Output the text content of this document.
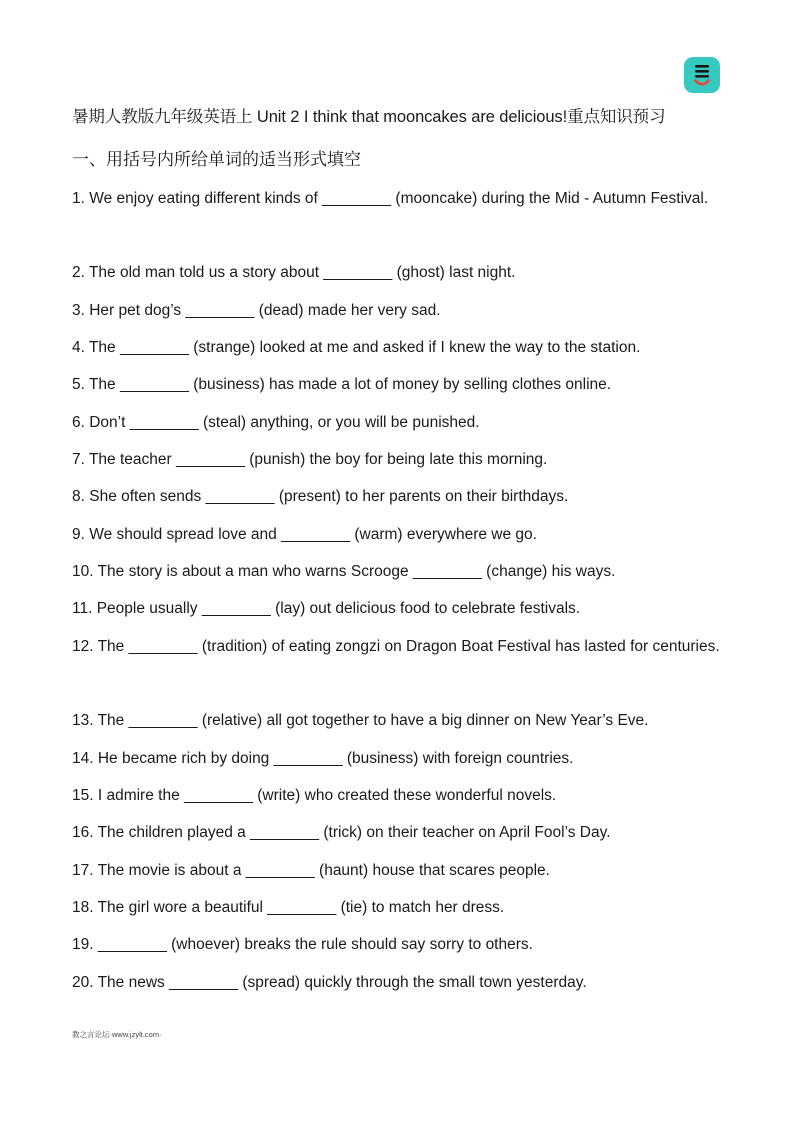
暑期人教版九年级英语上 Unit 2 I think that mooncakes are delicious!重点知识预习
一、用括号内所给单词的适当形式填空
1. We enjoy eating different kinds of ________ (mooncake) during the Mid - Autumn Festival.
2. The old man told us a story about ________ (ghost) last night.
3. Her pet dog’s ________ (dead) made her very sad.
4. The ________ (strange) looked at me and asked if I knew the way to the station.
5. The ________ (business) has made a lot of money by selling clothes online.
6. Don’t ________ (steal) anything, or you will be punished.
7. The teacher ________ (punish) the boy for being late this morning.
8. She often sends ________ (present) to her parents on their birthdays.
9. We should spread love and ________ (warm) everywhere we go.
10. The story is about a man who warns Scrooge ________ (change) his ways.
11. People usually ________ (lay) out delicious food to celebrate festivals.
12. The ________ (tradition) of eating zongzi on Dragon Boat Festival has lasted for centuries.
13. The ________ (relative) all got together to have a big dinner on New Year’s Eve.
14. He became rich by doing ________ (business) with foreign countries.
15. I admire the ________ (write) who created these wonderful novels.
16. The children played a ________ (trick) on their teacher on April Fool’s Day.
17. The movie is about a ________ (haunt) house that scares people.
18. The girl wore a beautiful ________ (tie) to match her dress.
19. ________ (whoever) breaks the rule should say sorry to others.
20. The news ________ (spread) quickly through the small town yesterday.
教之言论坛·www.jzylt.com·
